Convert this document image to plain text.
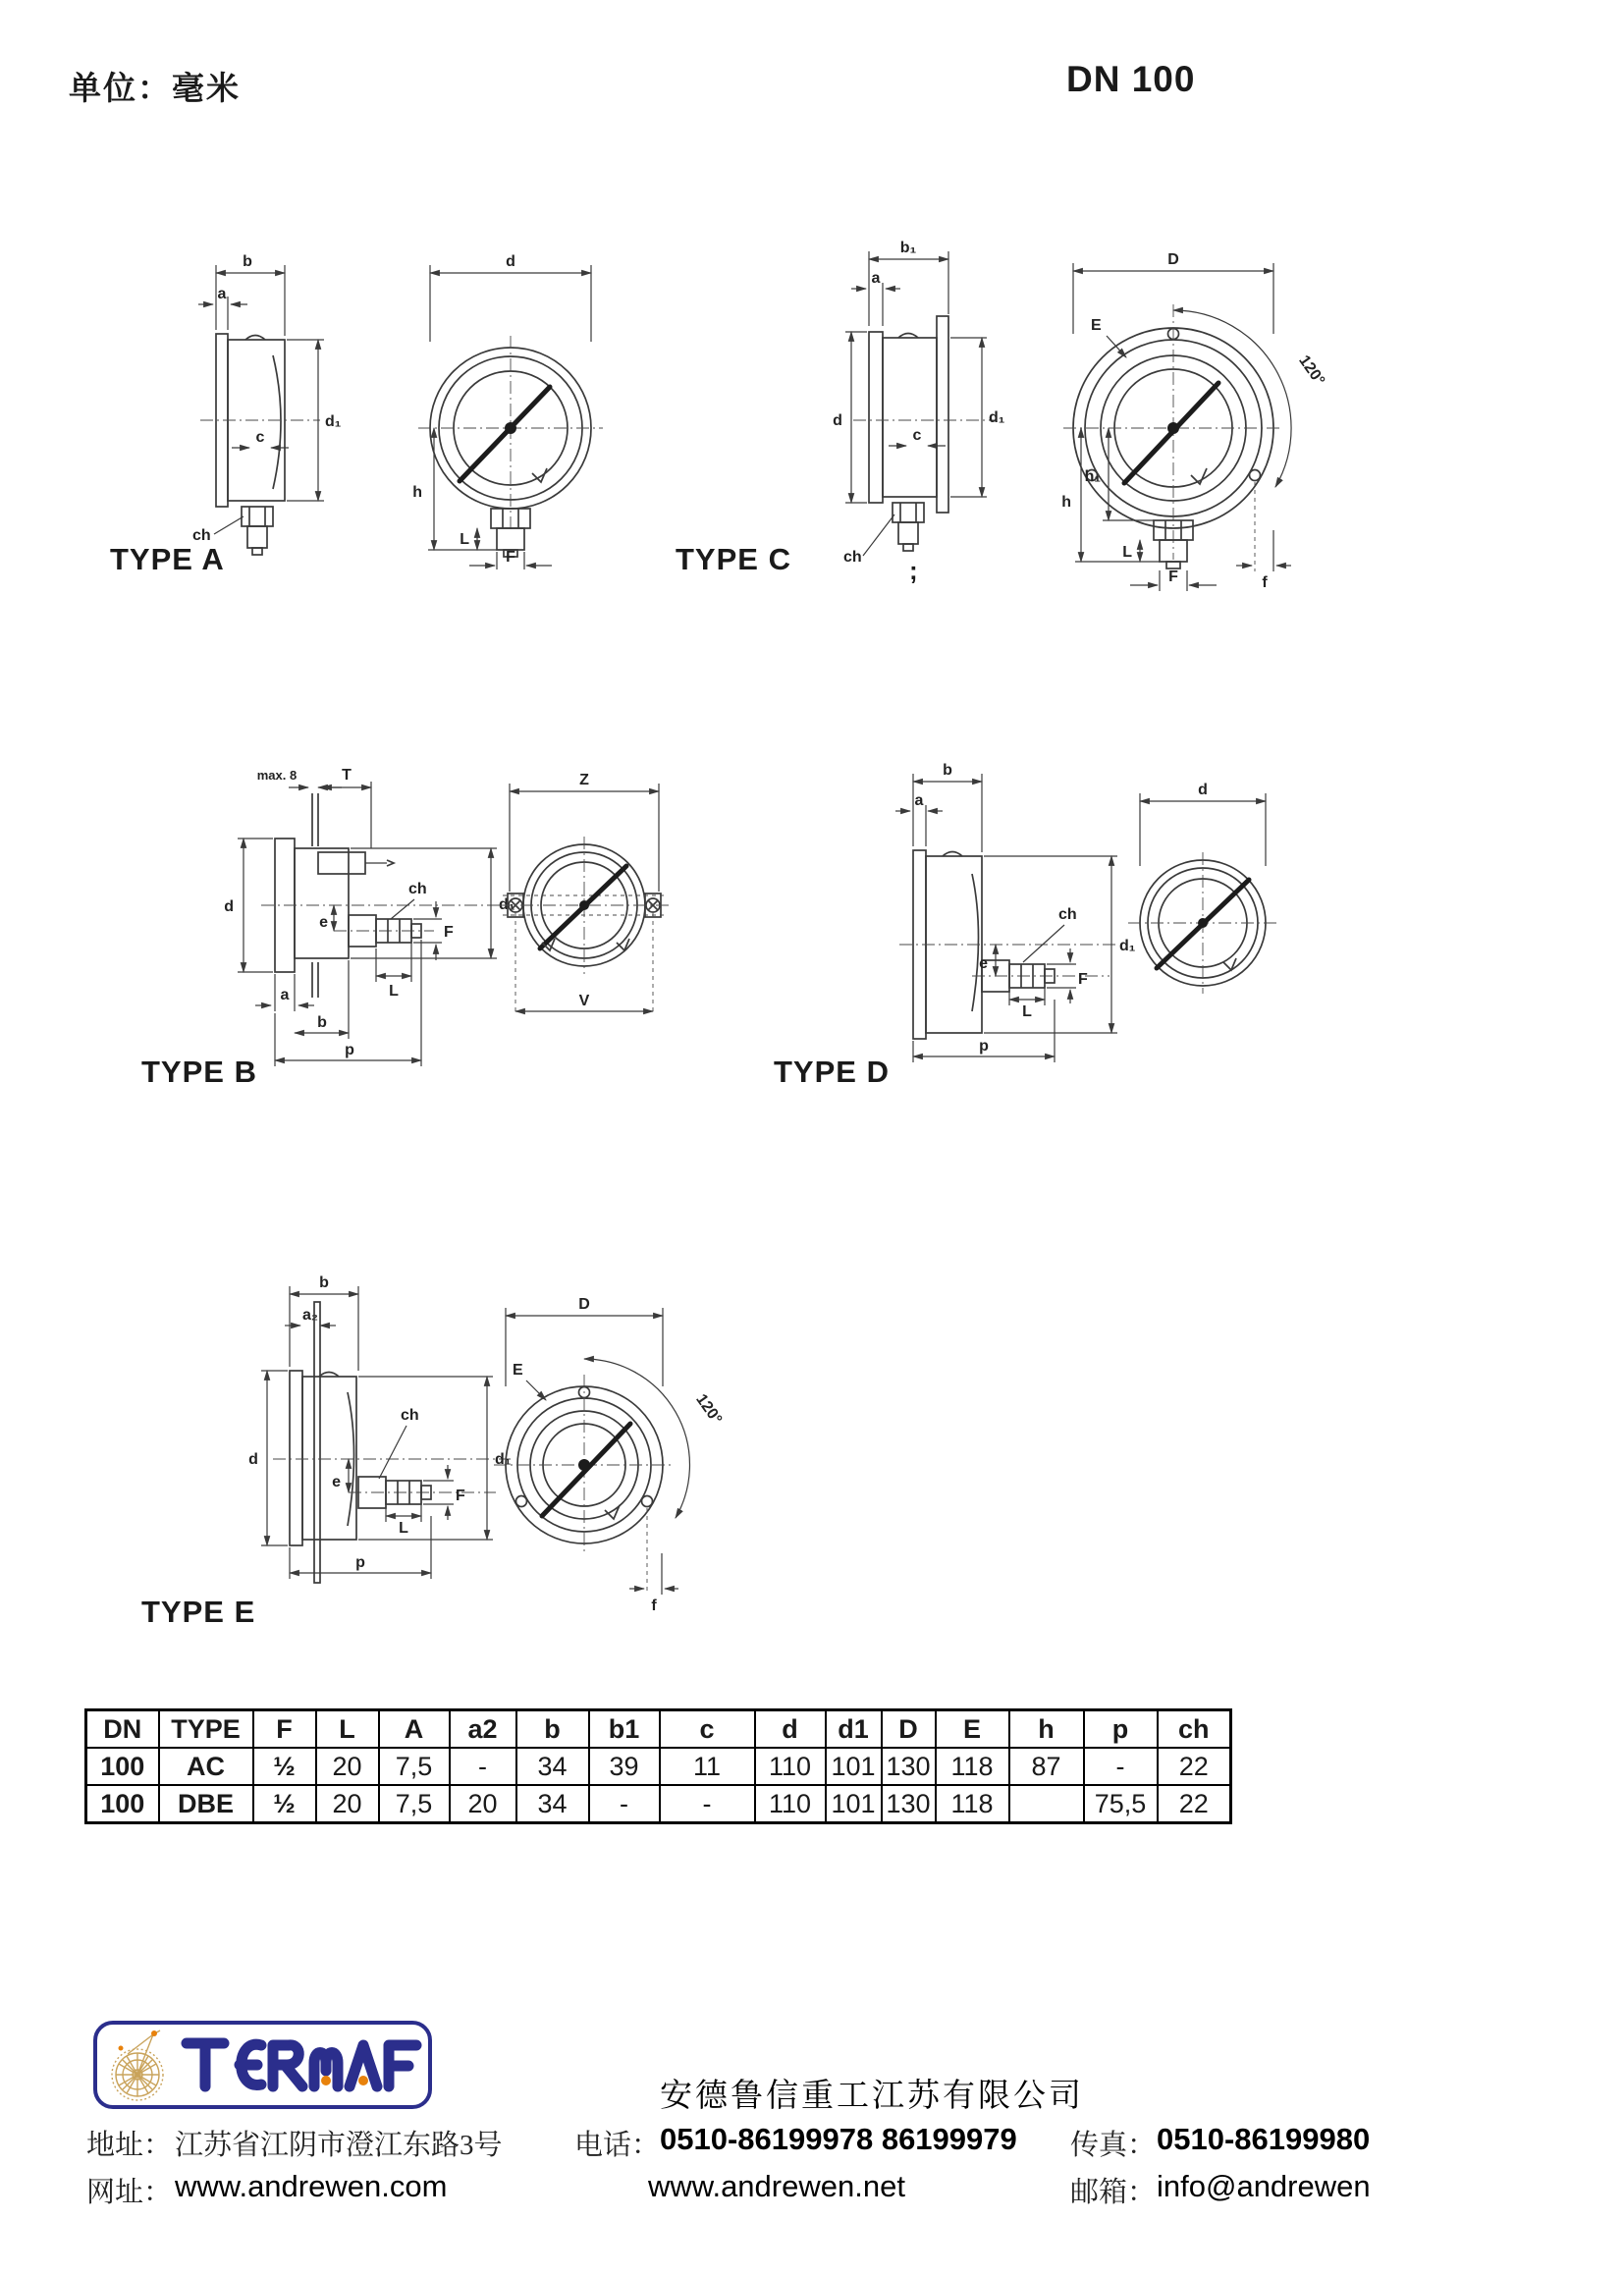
单位：毫米	DN 100
b
a
c
ch
d₁
d
h
L
F
TYPE A
b₁
a
c
d	d₁
ch
D
E
120°
h₁
h
L
f
F
TYPE C	;
max. 8	T
ch
e
F
d	d₁
L
a
b
p
Z
V
TYPE B
b
a
ch
e
F
d₁
L
p
d
TYPE D
b
a₂
ch
e
F
d	d₁
L
p
D
E
120°
f
TYPE E
DN	TYPE	F	L	A	a2	b	b1	c	d	d1	D	E	h	p	ch
100	AC	½	20	7,5	-	34	39	11	110	101	130	118	87	-	22
100	DBE	½	20	7,5	20	34	-	-	110	101	130	118		75,5	22
安德鲁信重工江苏有限公司
地址： 江苏省江阴市澄江东路3号	电话： 0510-86199978 86199979 传真： 0510-86199980
网址： www.andrewen.com	www.andrewen.net	邮箱： info@andrewen
